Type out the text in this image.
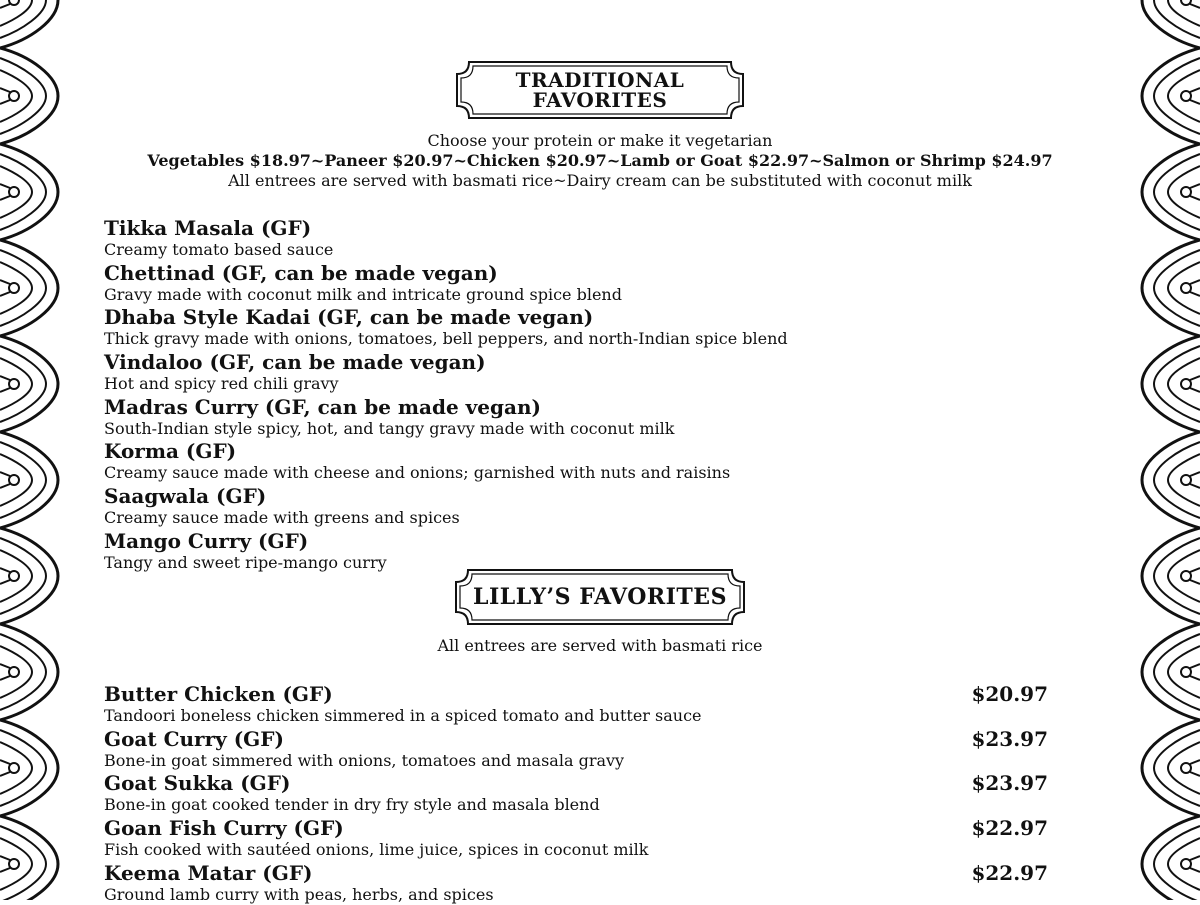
TRADITIONAL
FAVORITES
Choose your protein or make it vegetarian
Vegetables $18.97~Paneer $20.97~Chicken $20.97~Lamb or Goat $22.97~Salmon or Shrimp $24.97
All entrees are served with basmati rice~Dairy cream can be substituted with coconut milk
Tikka Masala (GF)
Creamy tomato based sauce
Chettinad (GF, can be made vegan)
Gravy made with coconut milk and intricate ground spice blend
Dhaba Style Kadai (GF, can be made vegan)
Thick gravy made with onions, tomatoes, bell peppers, and north-Indian spice blend
Vindaloo (GF, can be made vegan)
Hot and spicy red chili gravy
Madras Curry (GF, can be made vegan)
South-Indian style spicy, hot, and tangy gravy made with coconut milk
Korma (GF)
Creamy sauce made with cheese and onions; garnished with nuts and raisins
Saagwala (GF)
Creamy sauce made with greens and spices
Mango Curry (GF)
Tangy and sweet ripe-mango curry
LILLY’S FAVORITES
All entrees are served with basmati rice
Butter Chicken (GF)
Tandoori boneless chicken simmered in a spiced tomato and butter sauce
$20.97
Goat Curry (GF)
Bone-in goat simmered with onions, tomatoes and masala gravy
$23.97
Goat Sukka (GF)
Bone-in goat cooked tender in dry fry style and masala blend
$23.97
Goan Fish Curry (GF)
Fish cooked with sautéed onions, lime juice, spices in coconut milk
$22.97
Keema Matar (GF)
Ground lamb curry with peas, herbs, and spices
$22.97
